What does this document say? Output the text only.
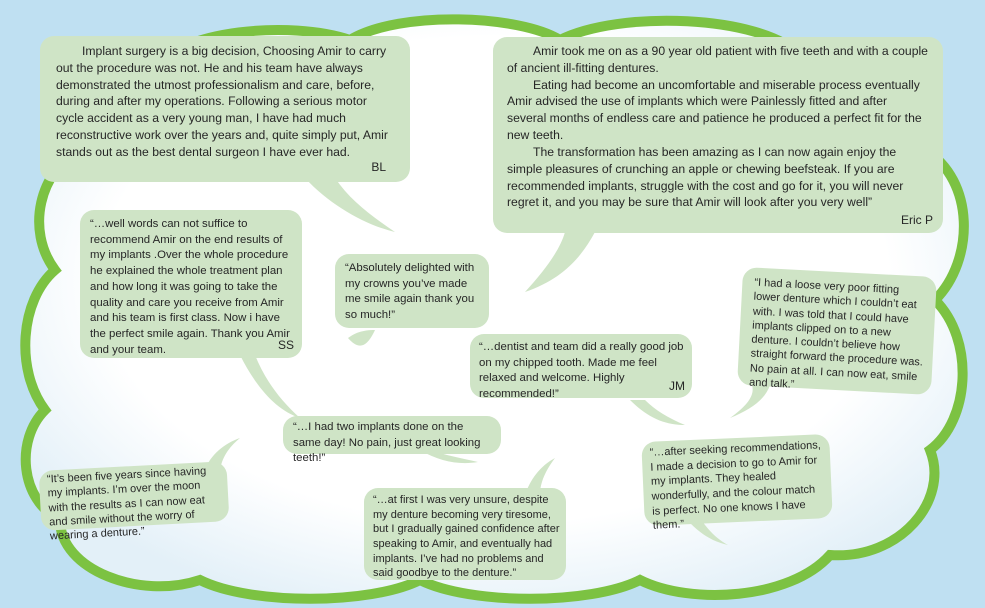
Implant surgery is a big decision, Choosing Amir to carry out the procedure was not. He and his team have always demonstrated the utmost professionalism and care, before, during and after my operations. Following a serious motor cycle accident as a very young man, I have had much reconstructive work over the years and, quite simply put, Amir stands out as the best dental surgeon I have ever had.

BL

Amir took me on as a 90 year old patient with five teeth and with a couple of ancient ill-fitting dentures.

Eating had become an uncomfortable and miserable process eventually Amir advised the use of implants which were Painlessly fitted and after several months of endless care and patience he produced a perfect fit for the new teeth.

The transformation has been amazing as I can now again enjoy the simple pleasures of crunching an apple or chewing beefsteak. If you are recommended implants, struggle with the cost and go for it, you will never regret it, and you may be sure that Amir will look after you very well”

Eric P

“…well words can not suffice to recommend Amir on the end results of my implants .Over the whole procedure he explained the whole treatment plan and how long it was going to take the quality and care you receive from Amir and his team is first class. Now i have the perfect smile again. Thank you Amir and your team.	SS

“Absolutely delighted with my crowns you’ve made me smile again thank you so much!”

“…dentist and team did a really good job on my chipped tooth. Made me feel relaxed and welcome. Highly recommended!”

JM

“I had a loose very poor fitting lower denture which I couldn’t eat with. I was told that I could have implants clipped on to a new denture. I couldn’t believe how straight forward the procedure was. No pain at all. I can now eat, smile and talk.”

“…I had two implants done on the same day! No pain, just great looking teeth!”

“It’s been five years since having my implants. I’m over the moon with the results as I can now eat and smile without the worry of wearing a denture.”

“…at first I was very unsure, despite my denture becoming very tiresome, but I gradually gained confidence after speaking to Amir, and eventually had implants. I’ve had no problems and said goodbye to the denture.”

“…after seeking recommendations, I made a decision to go to Amir for my implants. They healed wonderfully, and the colour match is perfect. No one knows I have them.”
